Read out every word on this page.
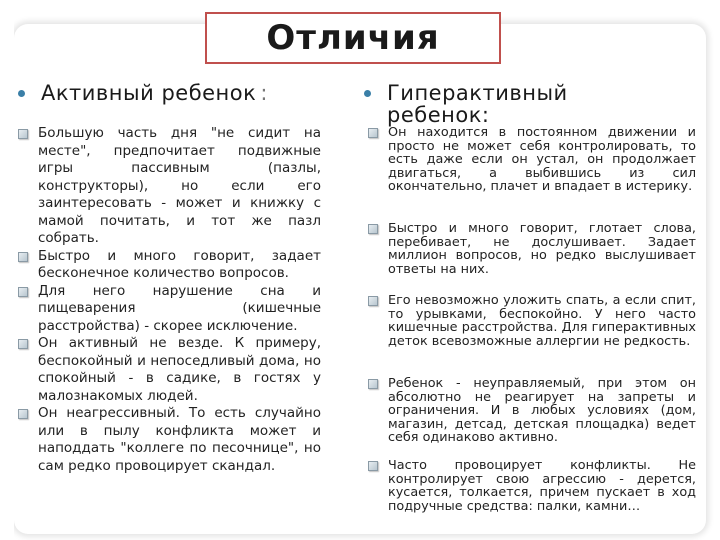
Отличия
Активный ребенок :	Гиперактивный ребенок:
Большую часть дня "не сидит на месте", предпочитает подвижные игры пассивным (пазлы, конструкторы), но если его заинтересовать - может и книжку с мамой почитать, и тот же пазл собрать.
Быстро и много говорит, задает бесконечное количество вопросов.
Для него нарушение сна и пищеварения (кишечные расстройства) - скорее исключение.
Он активный не везде. К примеру, беспокойный и непоседливый дома, но спокойный - в садике, в гостях у малознакомых людей.
Он неагрессивный. То есть случайно или в пылу конфликта может и наподдать "коллеге по песочнице", но сам редко провоцирует скандал.
Он находится в постоянном движении и просто не может себя контролировать, то есть даже если он устал, он продолжает двигаться, а выбившись из сил окончательно, плачет и впадает в истерику.
Быстро и много говорит, глотает слова, перебивает, не дослушивает. Задает миллион вопросов, но редко выслушивает ответы на них.
Его невозможно уложить спать, а если спит, то урывками, беспокойно. У него часто кишечные расстройства. Для гиперактивных деток всевозможные аллергии не редкость.
Ребенок - неуправляемый, при этом он абсолютно не реагирует на запреты и ограничения. И в любых условиях (дом, магазин, детсад, детская площадка) ведет себя одинаково активно.
Часто провоцирует конфликты. Не контролирует свою агрессию - дерется, кусается, толкается, причем пускает в ход подручные средства: палки, камни…
